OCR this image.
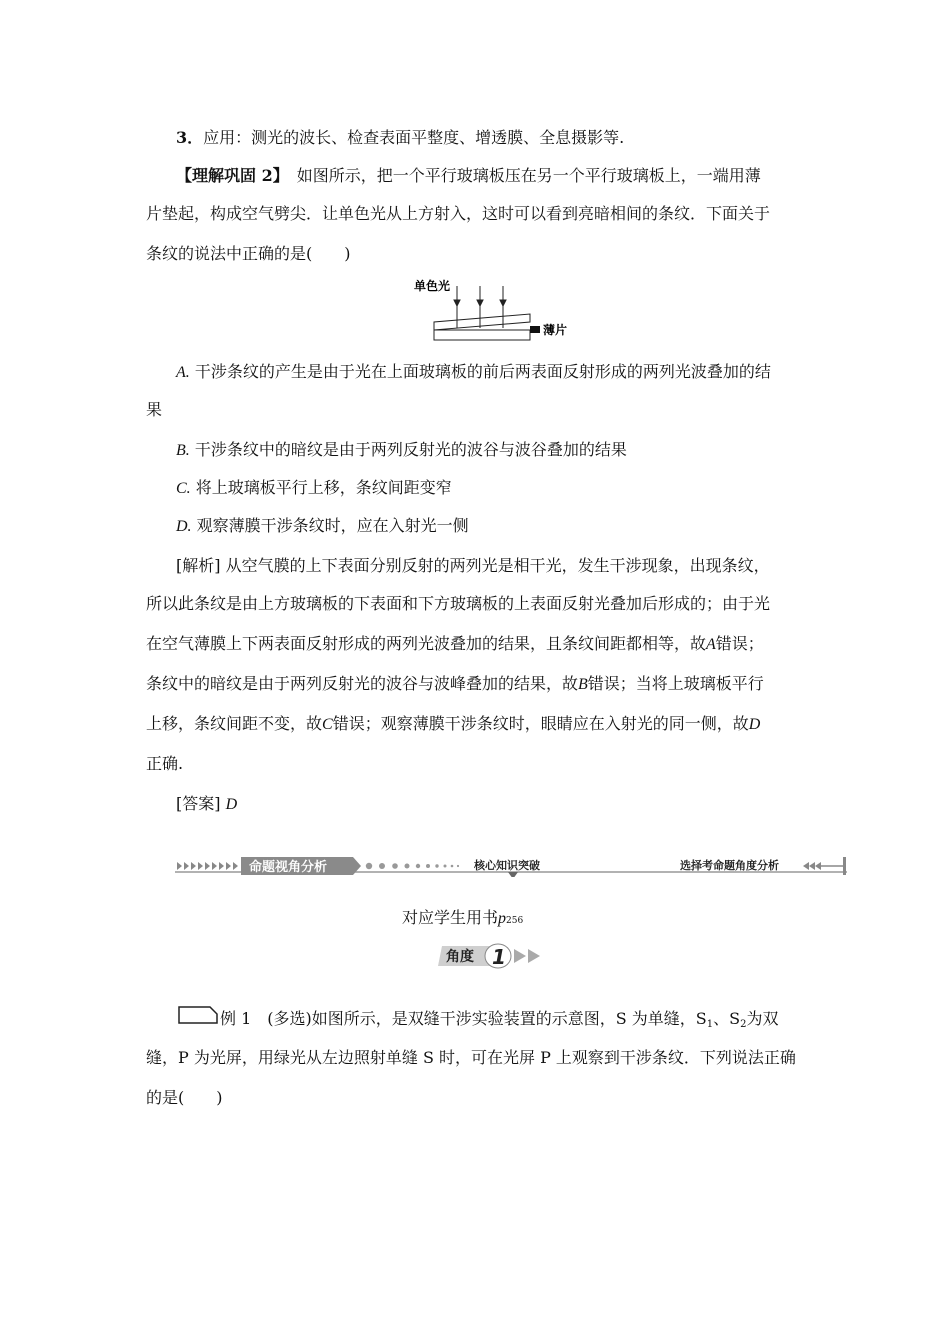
3．应用：测光的波长、检查表面平整度、增透膜、全息摄影等.
【理解巩固 2】　 如图所示，把一个平行玻璃板压在另一个平行玻璃板上，一端用薄
片垫起，构成空气劈尖．让单色光从上方射入，这时可以看到亮暗相间的条纹．下面关于
条纹的说法中正确的是(　　)
单色光
薄片
A. 干涉条纹的产生是由于光在上面玻璃板的前后两表面反射形成的两列光波叠加的结
果
B. 干涉条纹中的暗纹是由于两列反射光的波谷与波谷叠加的结果
C. 将上玻璃板平行上移，条纹间距变窄
D. 观察薄膜干涉条纹时，应在入射光一侧
[解析] 从空气膜的上下表面分别反射的两列光是相干光，发生干涉现象，出现条纹，
所以此条纹是由上方玻璃板的下表面和下方玻璃板的上表面反射光叠加后形成的；由于光
在空气薄膜上下两表面反射形成的两列光波叠加的结果，且条纹间距都相等，故A错误；
条纹中的暗纹是由于两列反射光的波谷与波峰叠加的结果，故B错误；当将上玻璃板平行
上移，条纹间距不变，故C错误；观察薄膜干涉条纹时，眼睛应在入射光的同一侧，故D
正确.
[答案] D
命题视角分析	核心知识突破	选择考命题角度分析
对应学生用书p256
角度 1
例 1　(多选)如图所示，是双缝干涉实验装置的示意图，S 为单缝，$S_1$、$S_2$为双
缝，P 为光屏，用绿光从左边照射单缝 S 时，可在光屏 P 上观察到干涉条纹．下列说法正确
的是(　　)
